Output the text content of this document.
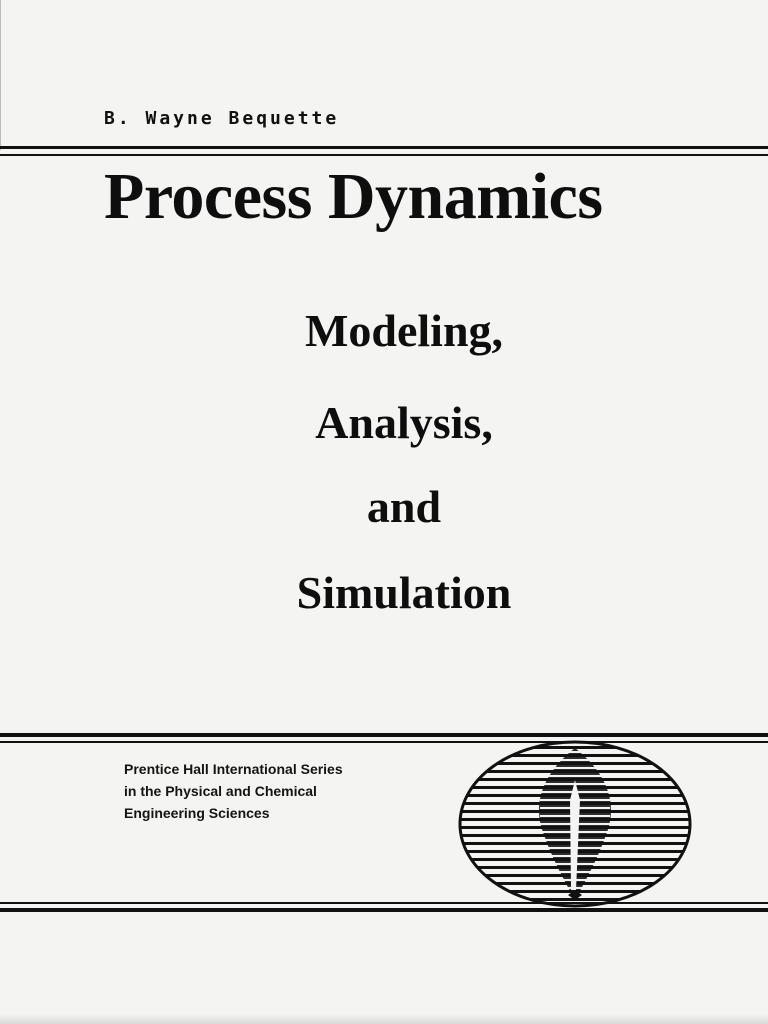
B. Wayne Bequette
Process Dynamics
Modeling,
Analysis,
and
Simulation
Prentice Hall International Series
in the Physical and Chemical
Engineering Sciences
